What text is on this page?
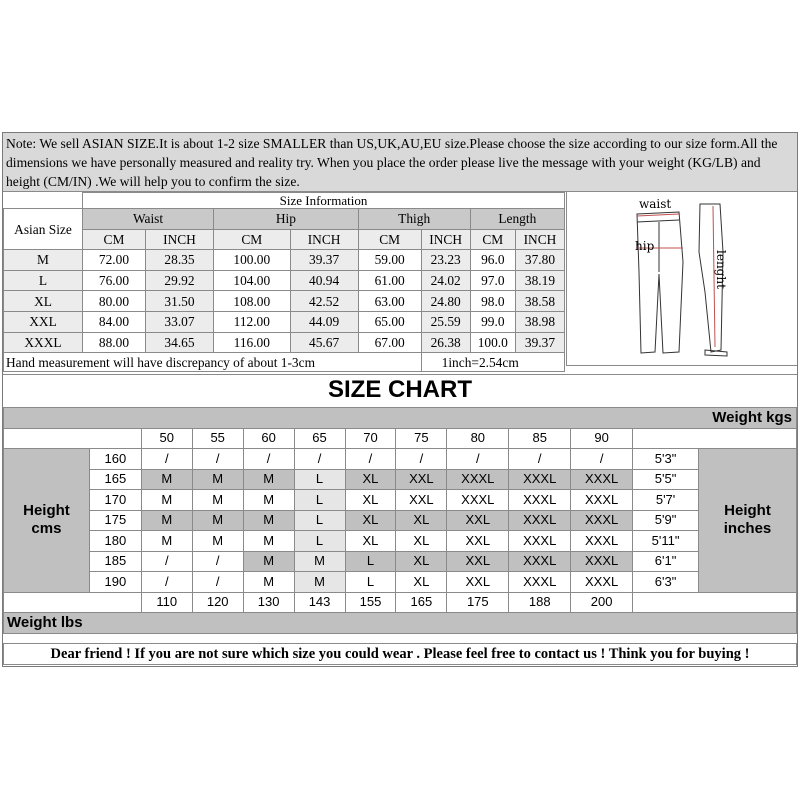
Note: We sell ASIAN SIZE.It is about 1-2 size SMALLER than US,UK,AU,EU size.Please choose the size according to our size form.All the dimensions we have personally measured and reality try. When you place the order please live the message with your weight (KG/LB) and height (CM/IN) .We will help you to confirm the size.
	Size Information							
Asian Size	Waist		Hip		Thigh		Length	
	CM	INCH	CM	INCH	CM	INCH	CM	INCH
M	72.00	28.35	100.00	39.37	59.00	23.23	96.0	37.80
L	76.00	29.92	104.00	40.94	61.00	24.02	97.0	38.19
XL	80.00	31.50	108.00	42.52	63.00	24.80	98.0	38.58
XXL	84.00	33.07	112.00	44.09	65.00	25.59	99.0	38.98
XXXL	88.00	34.65	116.00	45.67	67.00	26.38	100.0	39.37
Hand measurement will have discrepancy of about 1-3cm						1inch=2.54cm		
waist
hip
lenght
SIZE CHART
Weight kgs												
		50	55	60	65	70	75	80	85	90		
Height
cms	160	/	/	/	/	/	/	/	/	/	5'3"	Height
inches
	165	M	M	M	L	XL	XXL	XXXL	XXXL	XXXL	5'5"	
	170	M	M	M	L	XL	XXL	XXXL	XXXL	XXXL	5'7'	
	175	M	M	M	L	XL	XL	XXL	XXXL	XXXL	5'9"	
	180	M	M	M	L	XL	XL	XXL	XXXL	XXXL	5'11"	
	185	/	/	M	M	L	XL	XXL	XXXL	XXXL	6'1"	
	190	/	/	M	M	L	XL	XXL	XXXL	XXXL	6'3"	
		110	120	130	143	155	165	175	188	200		
Weight lbs												
Dear friend ! If you are not sure which size you could wear . Please feel free to contact us ! Think you for buying !
